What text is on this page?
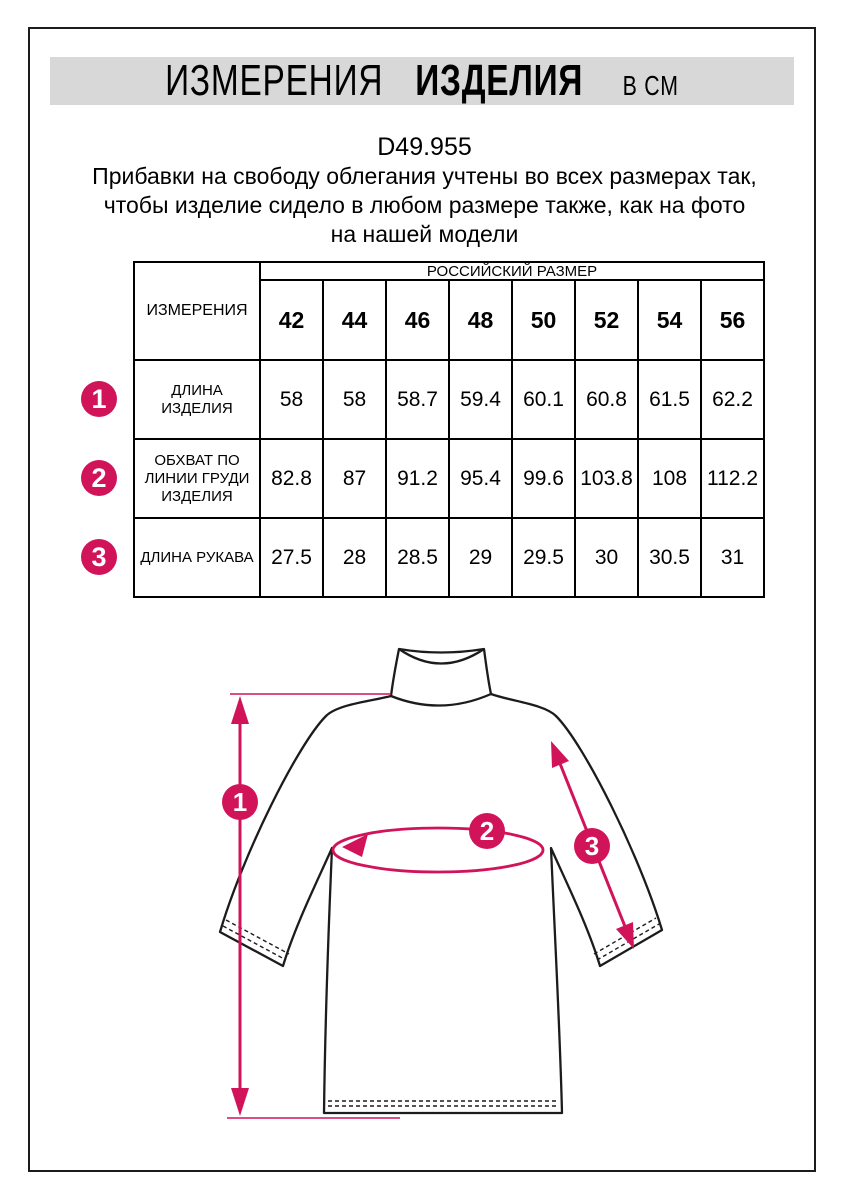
ИЗМЕРЕНИЯ ИЗДЕЛИЯ В СМ
D49.955
Прибавки на свободу облегания учтены во всех размерах так,
чтобы изделие сидело в любом размере также, как на фото
на нашей модели
ИЗМЕРЕНИЯ	РОССИЙСКИЙ РАЗМЕР							
	42	44	46	48	50	52	54	56
ДЛИНА ИЗДЕЛИЯ	58	58	58.7	59.4	60.1	60.8	61.5	62.2
ОБХВАТ ПО ЛИНИИ ГРУДИ ИЗДЕЛИЯ	82.8	87	91.2	95.4	99.6	103.8	108	112.2
ДЛИНА РУКАВА	27.5	28	28.5	29	29.5	30	30.5	31
1
2
3
1
2	3
